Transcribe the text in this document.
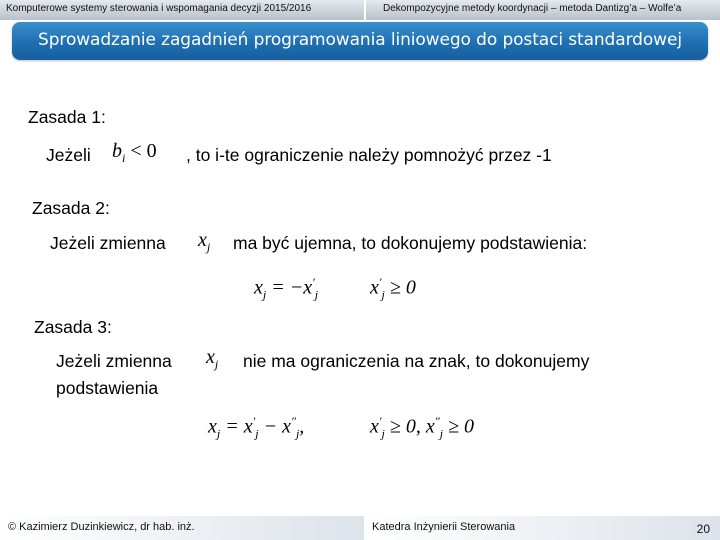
Komputerowe systemy sterowania i wspomagania decyzji 2015/2016	Dekompozycyjne metody koordynacji – metoda Dantizg’a – Wolfe’a
Sprowadzanie zagadnień programowania liniowego do postaci standardowej
Zasada 1:
Jeżeli $b_i < 0$ , to i-te ograniczenie należy pomnożyć przez -1
Zasada 2:
Jeżeli zmienna $x_j$ ma być ujemna, to dokonujemy podstawienia:
$x_j = -x'_j$	$x'_j \ge 0$
Zasada 3:
Jeżeli zmienna $x_j$ nie ma ograniczenia na znak, to dokonujemy
podstawienia
$x_j = x'_j - x''_j$,	$x'_j \ge 0$, $x''_j \ge 0$
© Kazimierz Duzinkiewicz, dr hab. inż.	Katedra Inżynierii Sterowania	20
